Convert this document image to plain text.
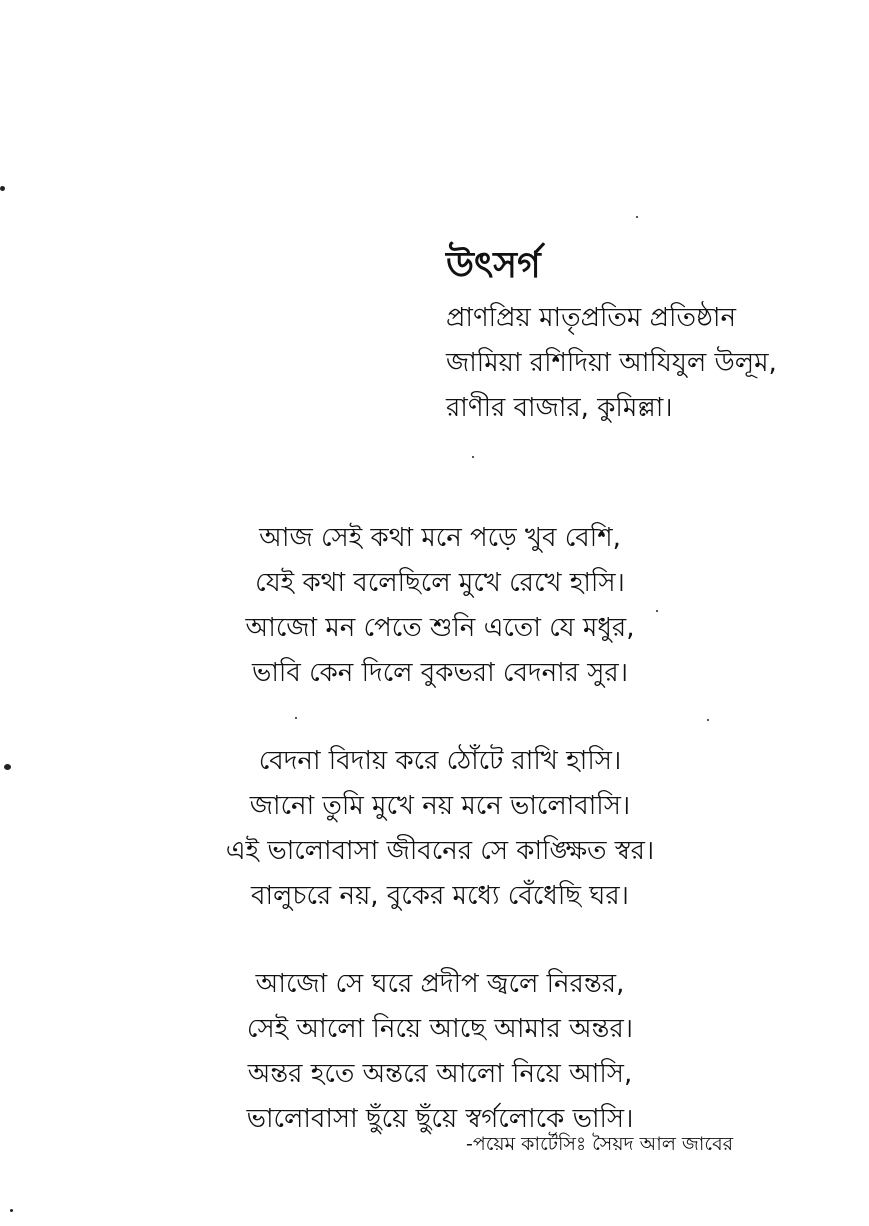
উৎসর্গ
প্রাণপ্রিয় মাতৃপ্রতিম প্রতিষ্ঠান
জামিয়া রশিদিয়া আযিযুল উলূম,
রাণীর বাজার, কুমিল্লা।
আজ সেই কথা মনে পড়ে খুব বেশি,
যেই কথা বলেছিলে মুখে রেখে হাসি।
আজো মন পেতে শুনি এতো যে মধুর,
ভাবি কেন দিলে বুকভরা বেদনার সুর।
বেদনা বিদায় করে ঠোঁটে রাখি হাসি।
জানো তুমি মুখে নয় মনে ভালোবাসি।
এই ভালোবাসা জীবনের সে কাঙ্ক্ষিত স্বর।
বালুচরে নয়, বুকের মধ্যে বেঁধেছি ঘর।
আজো সে ঘরে প্রদীপ জ্বলে নিরন্তর,
সেই আলো নিয়ে আছে আমার অন্তর।
অন্তর হতে অন্তরে আলো নিয়ে আসি,
ভালোবাসা ছুঁয়ে ছুঁয়ে স্বর্গলোকে ভাসি।
-পয়েম কার্টেসিঃ সৈয়দ আল জাবের
